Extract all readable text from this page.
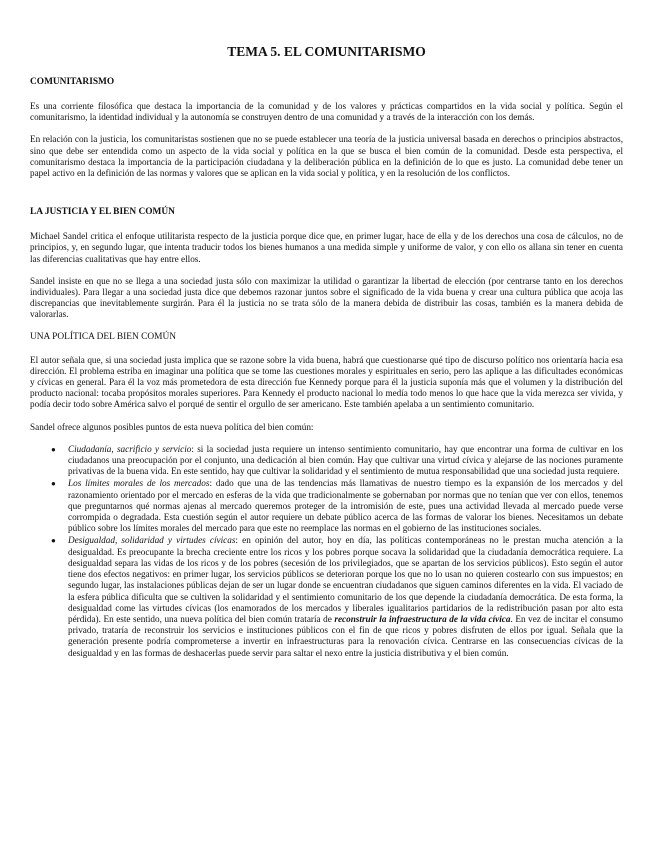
TEMA 5. EL COMUNITARISMO
COMUNITARISMO

Es una corriente filosófica que destaca la importancia de la comunidad y de los valores y prácticas compartidos en la vida social y política. Según el comunitarismo, la identidad individual y la autonomía se construyen dentro de una comunidad y a través de la interacción con los demás.

En relación con la justicia, los comunitaristas sostienen que no se puede establecer una teoría de la justicia universal basada en derechos o principios abstractos, sino que debe ser entendida como un aspecto de la vida social y política en la que se busca el bien común de la comunidad. Desde esta perspectiva, el comunitarismo destaca la importancia de la participación ciudadana y la deliberación pública en la definición de lo que es justo. La comunidad debe tener un papel activo en la definición de las normas y valores que se aplican en la vida social y política, y en la resolución de los conflictos.

LA JUSTICIA Y EL BIEN COMÚN

Michael Sandel critica el enfoque utilitarista respecto de la justicia porque dice que, en primer lugar, hace de ella y de los derechos una cosa de cálculos, no de principios, y, en segundo lugar, que intenta traducir todos los bienes humanos a una medida simple y uniforme de valor, y con ello os allana sin tener en cuenta las diferencias cualitativas que hay entre ellos.

Sandel insiste en que no se llega a una sociedad justa sólo con maximizar la utilidad o garantizar la libertad de elección (por centrarse tanto en los derechos individuales). Para llegar a una sociedad justa dice que debemos razonar juntos sobre el significado de la vida buena y crear una cultura pública que acoja las discrepancias que inevitablemente surgirán. Para él la justicia no se trata sólo de la manera debida de distribuir las cosas, también es la manera debida de valorarlas.

UNA POLÍTICA DEL BIEN COMÚN

El autor señala que, si una sociedad justa implica que se razone sobre la vida buena, habrá que cuestionarse qué tipo de discurso político nos orientaría hacia esa dirección. El problema estriba en imaginar una política que se tome las cuestiones morales y espirituales en serio, pero las aplique a las dificultades económicas y cívicas en general. Para él la voz más prometedora de esta dirección fue Kennedy porque para él la justicia suponía más que el volumen y la distribución del producto nacional: tocaba propósitos morales superiores. Para Kennedy el producto nacional lo medía todo menos lo que hace que la vida merezca ser vivida, y podía decir todo sobre América salvo el porqué de sentir el orgullo de ser americano. Este también apelaba a un sentimiento comunitario.

Sandel ofrece algunos posibles puntos de esta nueva política del bien común:

● Ciudadanía, sacrificio y servicio: si la sociedad justa requiere un intenso sentimiento comunitario, hay que encontrar una forma de cultivar en los ciudadanos una preocupación por el conjunto, una dedicación al bien común. Hay que cultivar una virtud cívica y alejarse de las nociones puramente privativas de la buena vida. En este sentido, hay que cultivar la solidaridad y el sentimiento de mutua responsabilidad que una sociedad justa requiere.
● Los límites morales de los mercados: dado que una de las tendencias más llamativas de nuestro tiempo es la expansión de los mercados y del razonamiento orientado por el mercado en esferas de la vida que tradicionalmente se gobernaban por normas que no tenían que ver con ellos, tenemos que preguntarnos qué normas ajenas al mercado queremos proteger de la intromisión de este, pues una actividad llevada al mercado puede verse corrompida o degradada. Esta cuestión según el autor requiere un debate público acerca de las formas de valorar los bienes. Necesitamos un debate público sobre los límites morales del mercado para que este no reemplace las normas en el gobierno de las instituciones sociales.
● Desigualdad, solidaridad y virtudes cívicas: en opinión del autor, hoy en día, las políticas contemporáneas no le prestan mucha atención a la desigualdad. Es preocupante la brecha creciente entre los ricos y los pobres porque socava la solidaridad que la ciudadanía democrática requiere. La desigualdad separa las vidas de los ricos y de los pobres (secesión de los privilegiados, que se apartan de los servicios públicos). Esto según el autor tiene dos efectos negativos: en primer lugar, los servicios públicos se deterioran porque los que no lo usan no quieren costearlo con sus impuestos; en segundo lugar, las instalaciones públicas dejan de ser un lugar donde se encuentran ciudadanos que siguen caminos diferentes en la vida. El vaciado de la esfera pública dificulta que se cultiven la solidaridad y el sentimiento comunitario de los que depende la ciudadanía democrática. De esta forma, la desigualdad come las virtudes cívicas (los enamorados de los mercados y liberales igualitarios partidarios de la redistribución pasan por alto esta pérdida). En este sentido, una nueva política del bien común trataría de reconstruir la infraestructura de la vida cívica. En vez de incitar el consumo privado, trataría de reconstruir los servicios e instituciones públicos con el fin de que ricos y pobres disfruten de ellos por igual. Señala que la generación presente podría comprometerse a invertir en infraestructuras para la renovación cívica. Centrarse en las consecuencias cívicas de la desigualdad y en las formas de deshacerlas puede servir para saltar el nexo entre la justicia distributiva y el bien común.
